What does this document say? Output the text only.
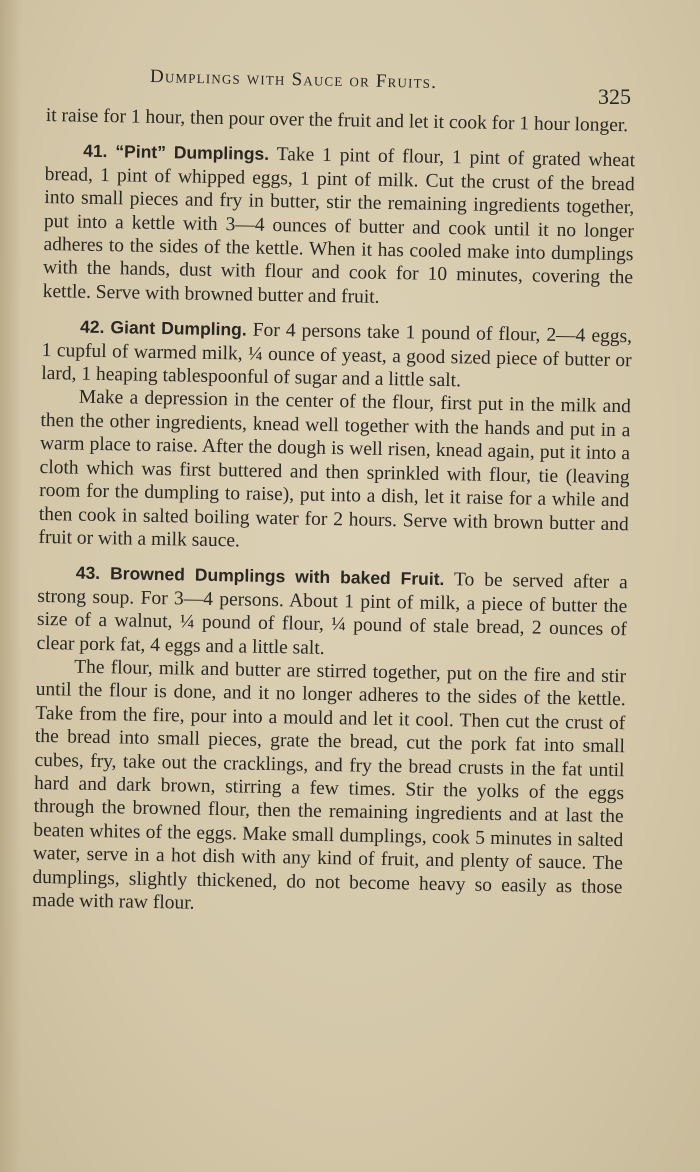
Dumplings with Sauce or Fruits.
325

it raise for 1 hour, then pour over the fruit and let it cook for 1 hour longer.

41. “Pint” Dumplings. Take 1 pint of flour, 1 pint of grated wheat bread, 1 pint of whipped eggs, 1 pint of milk. Cut the crust of the bread into small pieces and fry in butter, stir the remaining ingredients together, put into a kettle with 3—4 ounces of butter and cook until it no longer adheres to the sides of the kettle. When it has cooled make into dumplings with the hands, dust with flour and cook for 10 minutes, covering the kettle. Serve with browned butter and fruit.

42. Giant Dumpling. For 4 persons take 1 pound of flour, 2—4 eggs, 1 cupful of warmed milk, ¼ ounce of yeast, a good sized piece of butter or lard, 1 heaping tablespoonful of sugar and a little salt.

Make a depression in the center of the flour, first put in the milk and then the other ingredients, knead well together with the hands and put in a warm place to raise. After the dough is well risen, knead again, put it into a cloth which was first buttered and then sprinkled with flour, tie (leaving room for the dumpling to raise), put into a dish, let it raise for a while and then cook in salted boiling water for 2 hours. Serve with brown butter and fruit or with a milk sauce.

43. Browned Dumplings with baked Fruit. To be served after a strong soup. For 3—4 persons. About 1 pint of milk, a piece of butter the size of a walnut, ¼ pound of flour, ¼ pound of stale bread, 2 ounces of clear pork fat, 4 eggs and a little salt.

The flour, milk and butter are stirred together, put on the fire and stir until the flour is done, and it no longer adheres to the sides of the kettle. Take from the fire, pour into a mould and let it cool. Then cut the crust of the bread into small pieces, grate the bread, cut the pork fat into small cubes, fry, take out the cracklings, and fry the bread crusts in the fat until hard and dark brown, stirring a few times. Stir the yolks of the eggs through the browned flour, then the remaining ingredients and at last the beaten whites of the eggs. Make small dumplings, cook 5 minutes in salted water, serve in a hot dish with any kind of fruit, and plenty of sauce. The dumplings, slightly thickened, do not become heavy so easily as those made with raw flour.
